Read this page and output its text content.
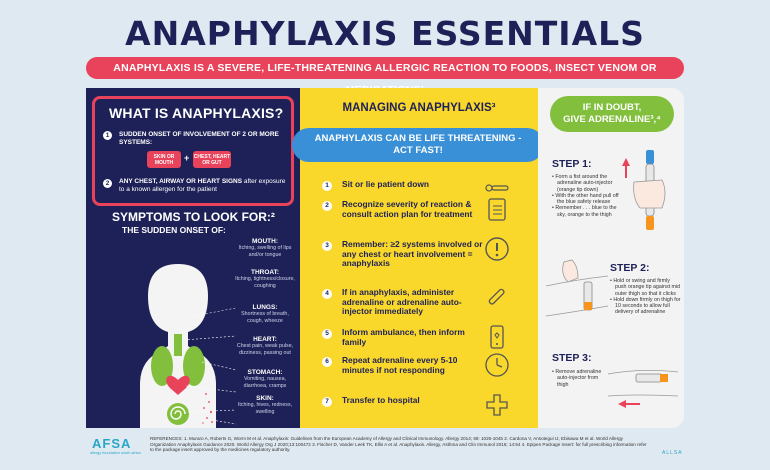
ANAPHYLAXIS ESSENTIALS
ANAPHYLAXIS IS A SEVERE, LIFE-THREATENING ALLERGIC REACTION TO FOODS, INSECT VENOM OR
WHAT IS ANAPHYLAXIS?
1	SUDDEN ONSET OF INVOLVEMENT OF 2 OR MORE SYSTEMS:
SKIN OR
MOUTH	+ CHEST, HEART
OR GUT
2	ANY CHEST, AIRWAY OR HEART SIGNS after exposure to a known allergen for the patient
SYMPTOMS TO LOOK FOR:²
THE SUDDEN ONSET OF:
MOUTH:
Itching, swelling of lips and/or tongue
THROAT:
Itching, tightness/closure, coughing
LUNGS:
Shortness of breath, cough, wheeze
HEART:
Chest pain, weak pulse, dizziness, passing out
STOMACH:
Vomiting, nausea, diarrhoea, cramps
SKIN:
Itching, hives, redness, swelling
MANAGING ANAPHYLAXIS³
ANAPHYLAXIS CAN BE LIFE THREATENING -
ACT FAST!
1	Sit or lie patient down
2	Recognize severity of reaction & consult action plan for treatment
3	Remember: ≥2 systems involved or any chest or heart involvement = anaphylaxis
4	If in anaphylaxis, administer adrenaline or adrenaline auto-injector immediately
5	Inform ambulance, then inform family
6	Repeat adrenaline every 5-10 minutes if not responding
7	Transfer to hospital
IF IN DOUBT,
GIVE ADRENALINE³,⁴
STEP 1:
• Form a fist around the adrenaline auto-injector (orange tip down)
• With the other hand pull off the blue safety release
• Remember . . . blue to the sky, orange to the thigh
STEP 2:
• Hold or swing and firmly push orange tip against mid outer thigh so that it clicks
• Hold down firmly on thigh for 10 seconds to allow full delivery of adrenaline
STEP 3:
• Remove adrenaline auto-injector from thigh
AFSA
allergy foundation south africa
REFERENCES: 1. Muraro A, Roberts G, Worm M et al. Anaphylaxis: Guidelines from the European Academy of Allergy and Clinical Immunology. Allergy 2014; 69: 1026-1045 2. Cardona V, Ansotegui IJ, Ebisawa M et al. World Allergy Organization Anaphylaxis Guidance 2020. World Allergy Org J 2020;13:100472 3. Fischer D, Vander Leek TK, Ellis A et al. Anaphylaxis. Allergy, Asthma and Clin Immunol 2018; 14:54 4. Epipen Package Insert: for full prescribing information refer to the package insert approved by the medicines regulatory authority.
ALLSA
